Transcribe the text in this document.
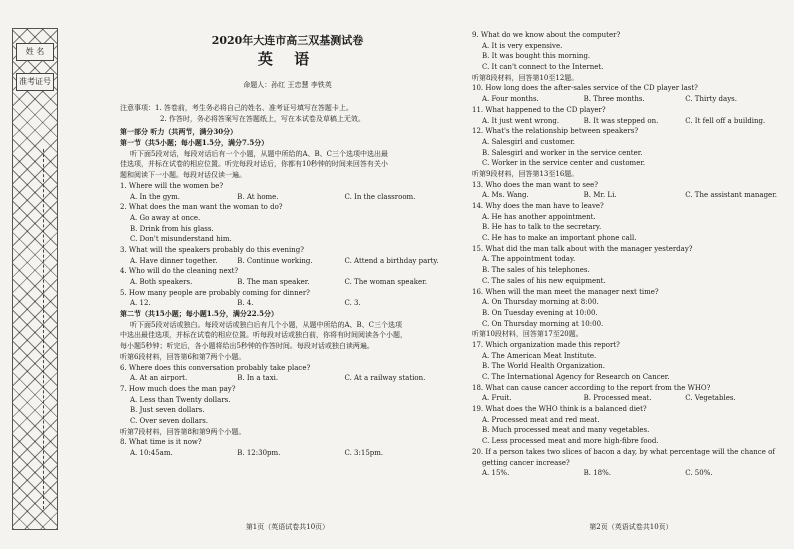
姓 名
准考证号
2020年大连市高三双基测试卷
英 语
命题人：孙红 王忠慧 李铁英
注意事项：1. 答卷前，考生务必将自己的姓名、准考证号填写在答题卡上。
2. 作答时，务必将答案写在答题纸上，写在本试卷及草稿上无效。
第一部分 听力（共两节，满分30分）
第一节（共5小题；每小题1.5分，满分7.5分）
听下面5段对话，每段对话后有一个小题，从题中所给的A、B、C三个选项中选出最
佳选项，并标在试卷的相应位置。听完每段对话后，你都有10秒钟的时间来回答有关小
题和阅读下一小题。每段对话仅读一遍。
1. Where will the women be?
A. In the gym.	B. At home.	C. In the classroom.
2. What does the man want the woman to do?
A. Go away at once.
B. Drink from his glass.
C. Don't misunderstand him.
3. What will the speakers probably do this evening?
A. Have dinner together.	B. Continue working.	C. Attend a birthday party.
4. Who will do the cleaning next?
A. Both speakers.	B. The man speaker.	C. The woman speaker.
5. How many people are probably coming for dinner?
A. 12.	B. 4.	C. 3.
第二节（共15小题；每小题1.5分，满分22.5分）
听下面5段对话或独白。每段对话或独白后有几个小题，从题中所给的A、B、C三个选项
中选出最佳选项，并标在试卷的相应位置。听每段对话或独白前，你将有时间阅读各个小题，
每小题5秒钟；听完后，各小题将给出5秒钟的作答时间。每段对话或独白读两遍。
听第6段材料，回答第6和第7两个小题。
6. Where does this conversation probably take place?
A. At an airport.	B. In a taxi.	C. At a railway station.
7. How much does the man pay?
A. Less than Twenty dollars.
B. Just seven dollars.
C. Over seven dollars.
听第7段材料，回答第8和第9两个小题。
8. What time is it now?
A. 10:45am.	B. 12:30pm.	C. 3:15pm.
第1页（英语试卷共10页）
9. What do we know about the computer?
A. It is very expensive.
B. It was bought this morning.
C. It can't connect to the Internet.
听第8段材料，回答第10至12题。
10. How long does the after-sales service of the CD player last?
A. Four months.	B. Three months.	C. Thirty days.
11. What happened to the CD player?
A. It just went wrong.	B. It was stepped on.	C. It fell off a building.
12. What's the relationship between speakers?
A. Salesgirl and customer.
B. Salesgirl and worker in the service center.
C. Worker in the service center and customer.
听第9段材料，回答第13至16题。
13. Who does the man want to see?
A. Ms. Wang.	B. Mr. Li.	C. The assistant manager.
14. Why does the man have to leave?
A. He has another appointment.
B. He has to talk to the secretary.
C. He has to make an important phone call.
15. What did the man talk about with the manager yesterday?
A. The appointment today.
B. The sales of his telephones.
C. The sales of his new equipment.
16. When will the man meet the manager next time?
A. On Thursday morning at 8:00.
B. On Tuesday evening at 10:00.
C. On Thursday morning at 10:00.
听第10段材料，回答第17至20题。
17. Which organization made this report?
A. The American Meat Institute.
B. The World Health Organization.
C. The International Agency for Research on Cancer.
18. What can cause cancer according to the report from the WHO?
A. Fruit.	B. Processed meat.	C. Vegetables.
19. What does the WHO think is a balanced diet?
A. Processed meat and red meat.
B. Much processed meat and many vegetables.
C. Less processed meat and more high-fibre food.
20. If a person takes two slices of bacon a day, by what percentage will the chance of
getting cancer increase?
A. 15%.	B. 18%.	C. 50%.
第2页（英语试卷共10页）
